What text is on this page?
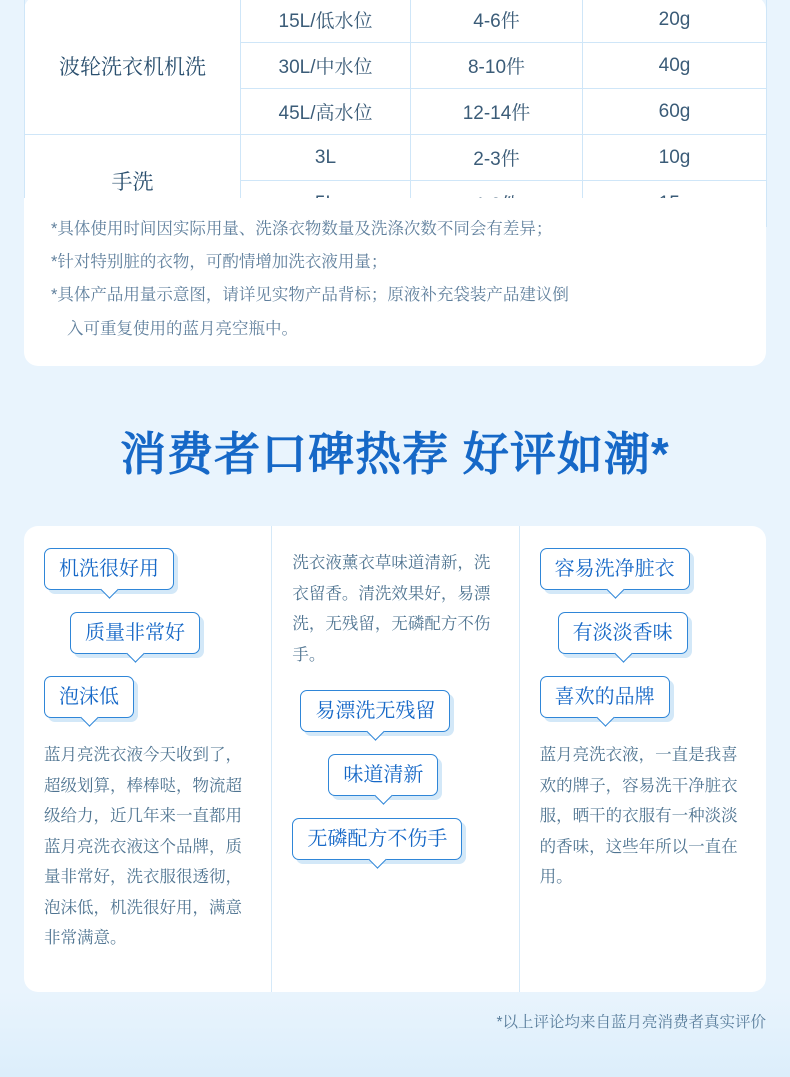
波轮洗衣机机洗	15L/低水位	4-6件	20g
	30L/中水位	8-10件	40g
	45L/高水位	12-14件	60g
手洗	3L	2-3件	10g

*具体使用时间因实际用量、洗涤衣物数量及洗涤次数不同会有差异；

*针对特别脏的衣物，可酌情增加洗衣液用量；

*具体产品用量示意图，请详见实物产品背标；原液补充袋装产品建议倒

入可重复使用的蓝月亮空瓶中。

消费者口碑热荐 好评如潮*
机洗很好用
质量非常好
泡沫低

蓝月亮洗衣液今天收到了，超级划算，棒棒哒，物流超级给力，近几年来一直都用蓝月亮洗衣液这个品牌，质量非常好，洗衣服很透彻，泡沫低，机洗很好用，满意非常满意。

洗衣液薰衣草味道清新，洗衣留香。清洗效果好，易漂洗，无残留，无磷配方不伤手。

易漂洗无残留
味道清新
无磷配方不伤手
容易洗净脏衣
有淡淡香味
喜欢的品牌

蓝月亮洗衣液，一直是我喜欢的牌子，容易洗干净脏衣服，晒干的衣服有一种淡淡的香味，这些年所以一直在用。

*以上评论均来自蓝月亮消费者真实评价
